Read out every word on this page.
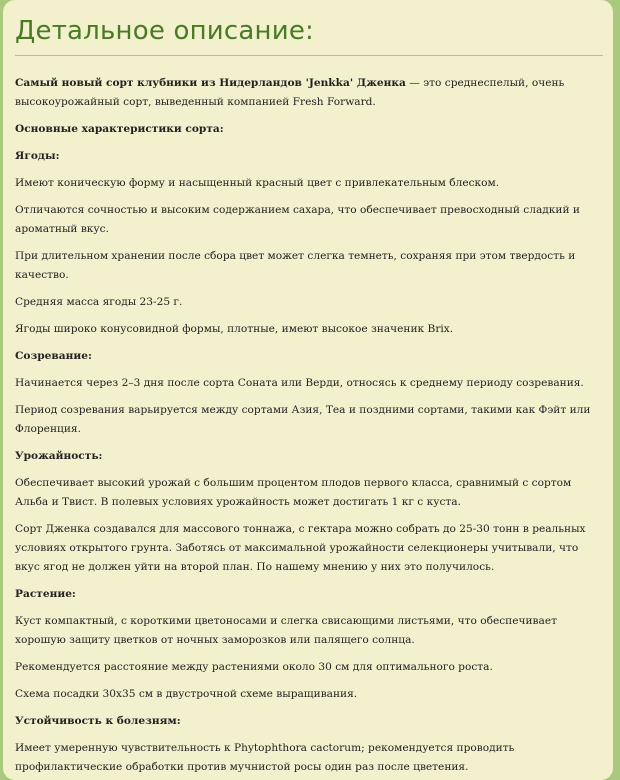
Детальное описание:

Самый новый сорт клубники из Нидерландов 'Jenkka' Дженка — это среднеспелый, очень высокоурожайный сорт, выведенный компанией Fresh Forward.

Основные характеристики сорта:

Ягоды:

Имеют коническую форму и насыщенный красный цвет с привлекательным блеском.

Отличаются сочностью и высоким содержанием сахара, что обеспечивает превосходный сладкий и ароматный вкус.

При длительном хранении после сбора цвет может слегка темнеть, сохраняя при этом твердость и качество.

Средняя масса ягоды 23-25 г.

Ягоды широко конусовидной формы, плотные, имеют высокое значеник Brix.

Созревание:

Начинается через 2–3 дня после сорта Соната или Верди, относясь к среднему периоду созревания.

Период созревания варьируется между сортами Азия, Теа и поздними сортами, такими как Фэйт или Флоренция.

Урожайность:

Обеспечивает высокий урожай с большим процентом плодов первого класса, сравнимый с сортом Альба и Твист. В полевых условиях урожайность может достигать 1 кг с куста.

Сорт Дженка создавался для массового тоннажа, с гектара можно собрать до 25-30 тонн в реальных условиях открытого грунта. Заботясь от максимальной урожайности селекционеры учитывали, что вкус ягод не должен уйти на второй план. По нашему мнению у них это получилось.

Растение:

Куст компактный, с короткими цветоносами и слегка свисающими листьями, что обеспечивает хорошую защиту цветков от ночных заморозков или палящего солнца.

Рекомендуется расстояние между растениями около 30 см для оптимального роста.

Схема посадки 30х35 см в двустрочной схеме выращивания.

Устойчивость к болезням:

Имеет умеренную чувствительность к Phytophthora cactorum; рекомендуется проводить профилактические обработки против мучнистой росы один раз после цветения.
